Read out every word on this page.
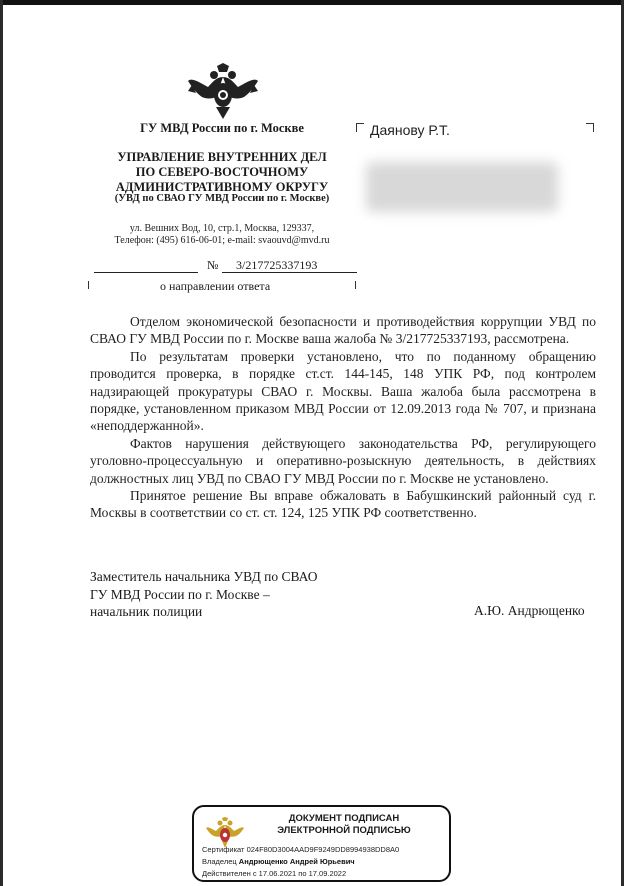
ГУ МВД России по г. Москве
УПРАВЛЕНИЕ ВНУТРЕННИХ ДЕЛ
ПО СЕВЕРО-ВОСТОЧНОМУ
АДМИНИСТРАТИВНОМУ ОКРУГУ
(УВД по СВАО ГУ МВД России по г. Москве)
ул. Вешних Вод, 10, стр.1, Москва, 129337,
Телефон: (495) 616-06-01; e-mail: svaouvd@mvd.ru
№ 3/217725337193
о направлении ответа
Даянову Р.Т.

Отделом экономической безопасности и противодействия коррупции УВД по СВАО ГУ МВД России по г. Москве ваша жалоба № 3/217725337193, рассмотрена.

По результатам проверки установлено, что по поданному обращению проводится проверка, в порядке ст.ст. 144-145, 148 УПК РФ, под контролем надзирающей прокуратуры СВАО г. Москвы. Ваша жалоба была рассмотрена в порядке, установленном приказом МВД России от 12.09.2013 года № 707, и признана «неподдержанной».

Фактов нарушения действующего законодательства РФ, регулирующего уголовно-процессуальную и оперативно-розыскную деятельность, в действиях должностных лиц УВД по СВАО ГУ МВД России по г. Москве не установлено.

Принятое решение Вы вправе обжаловать в Бабушкинский районный суд г. Москвы в соответствии со ст. ст. 124, 125 УПК РФ соответственно.

Заместитель начальника УВД по СВАО
ГУ МВД России по г. Москве –
начальник полиции	А.Ю. Андрющенко
ДОКУМЕНТ ПОДПИСАН
ЭЛЕКТРОННОЙ ПОДПИСЬЮ
Сертификат 024F80D3004AAD9F9249DD8994938DD8A0
Владелец Андрющенко Андрей Юрьевич
Действителен с 17.06.2021 по 17.09.2022
